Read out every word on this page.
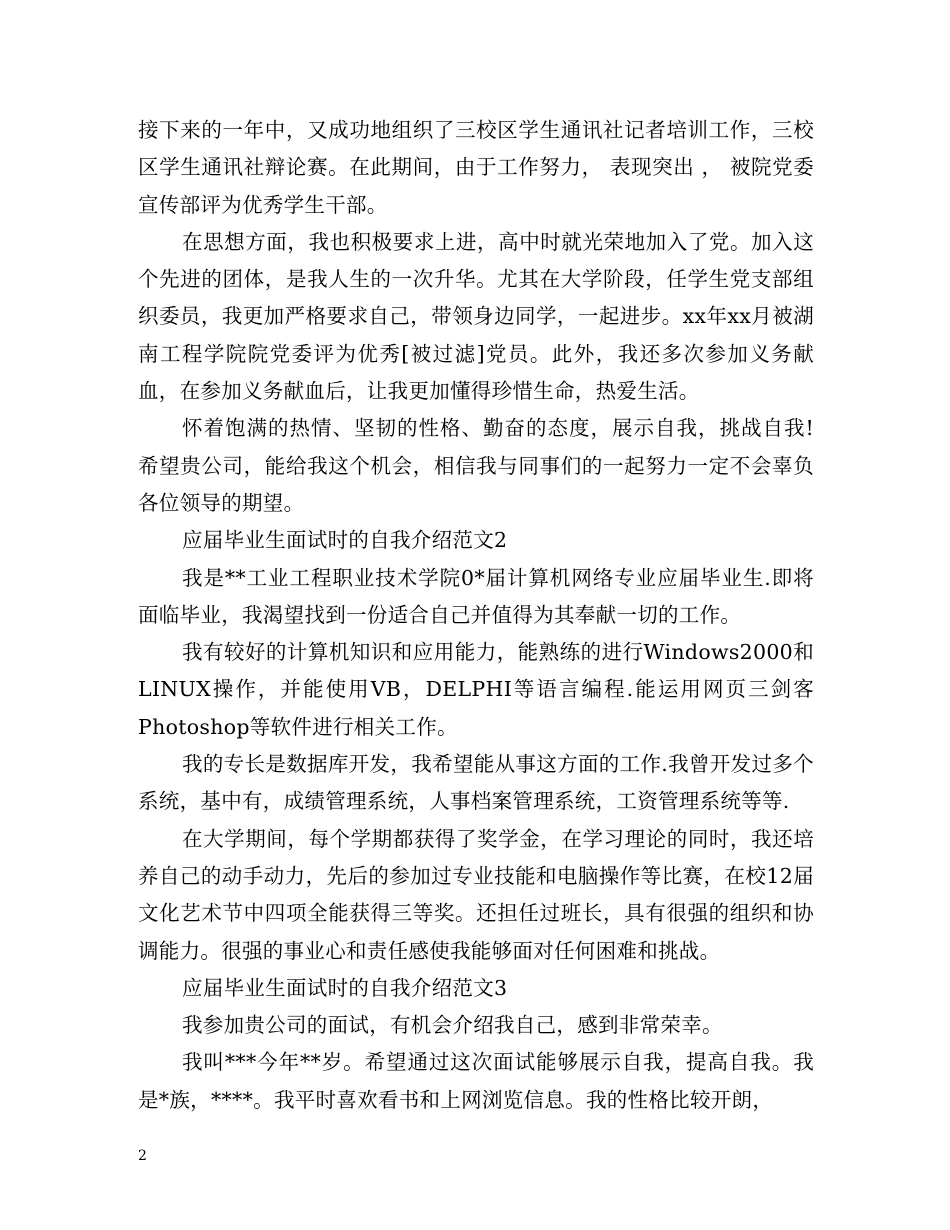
接下来的一年中，又成功地组织了三校区学生通讯社记者培训工作，三校区学生通讯社辩论赛。在此期间，由于工作努力， 表现突出 ， 被院党委宣传部评为优秀学生干部。

在思想方面，我也积极要求上进，高中时就光荣地加入了党。加入这个先进的团体，是我人生的一次升华。尤其在大学阶段，任学生党支部组织委员，我更加严格要求自己，带领身边同学，一起进步。xx年xx月被湖南工程学院院党委评为优秀[被过滤]党员。此外，我还多次参加义务献血，在参加义务献血后，让我更加懂得珍惜生命，热爱生活。

怀着饱满的热情、坚韧的性格、勤奋的态度，展示自我，挑战自我!希望贵公司，能给我这个机会，相信我与同事们的一起努力一定不会辜负各位领导的期望。

应届毕业生面试时的自我介绍范文2

我是**工业工程职业技术学院0*届计算机网络专业应届毕业生.即将面临毕业，我渴望找到一份适合自己并值得为其奉献一切的工作。

我有较好的计算机知识和应用能力，能熟练的进行Windows2000和LINUX操作，并能使用VB，DELPHI等语言编程.能运用网页三剑客Photoshop等软件进行相关工作。

我的专长是数据库开发，我希望能从事这方面的工作.我曾开发过多个系统，基中有，成绩管理系统，人事档案管理系统，工资管理系统等等.

在大学期间，每个学期都获得了奖学金，在学习理论的同时，我还培养自己的动手动力，先后的参加过专业技能和电脑操作等比赛，在校12届文化艺术节中四项全能获得三等奖。还担任过班长，具有很强的组织和协调能力。很强的事业心和责任感使我能够面对任何困难和挑战。

应届毕业生面试时的自我介绍范文3

我参加贵公司的面试，有机会介绍我自己，感到非常荣幸。

我叫***今年**岁。希望通过这次面试能够展示自我，提高自我。我是*族，****。我平时喜欢看书和上网浏览信息。我的性格比较开朗，

2
